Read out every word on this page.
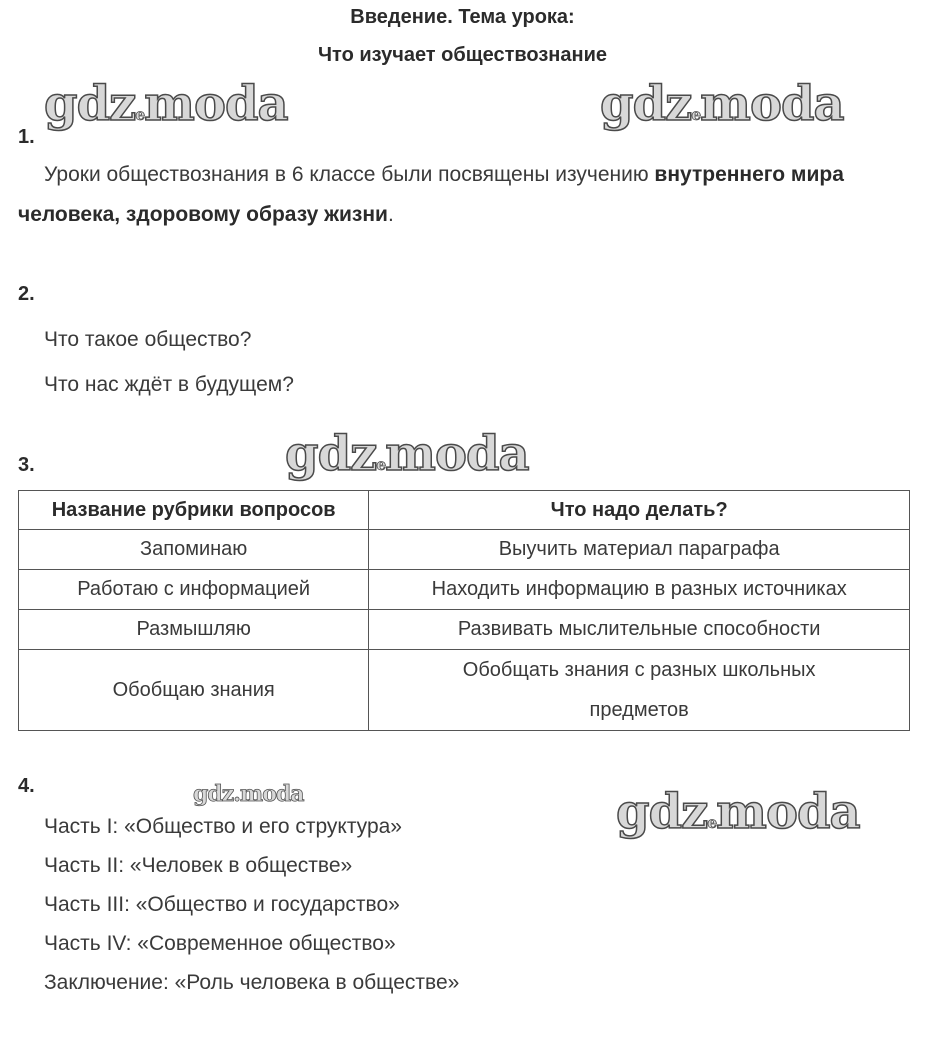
Введение. Тема урока:
Что изучает обществознание
gdzemoda	gdzemoda
1.
Уроки обществознания в 6 классе были посвящены изучению внутреннего мира человека, здоровому образу жизни.
2.
Что такое общество?
Что нас ждёт в будущем?
3.	gdzemoda
Название рубрики вопросов	Что надо делать?
Запоминаю	Выучить материал параграфа
Работаю с информацией	Находить информацию в разных источниках
Размышляю	Развивать мыслительные способности
Обобщаю знания	Обобщать знания с разных школьных предметов
4.	gdz.moda	gdzemoda
Часть I: «Общество и его структура»
Часть II: «Человек в обществе»
Часть III: «Общество и государство»
Часть IV: «Современное общество»
Заключение: «Роль человека в обществе»
